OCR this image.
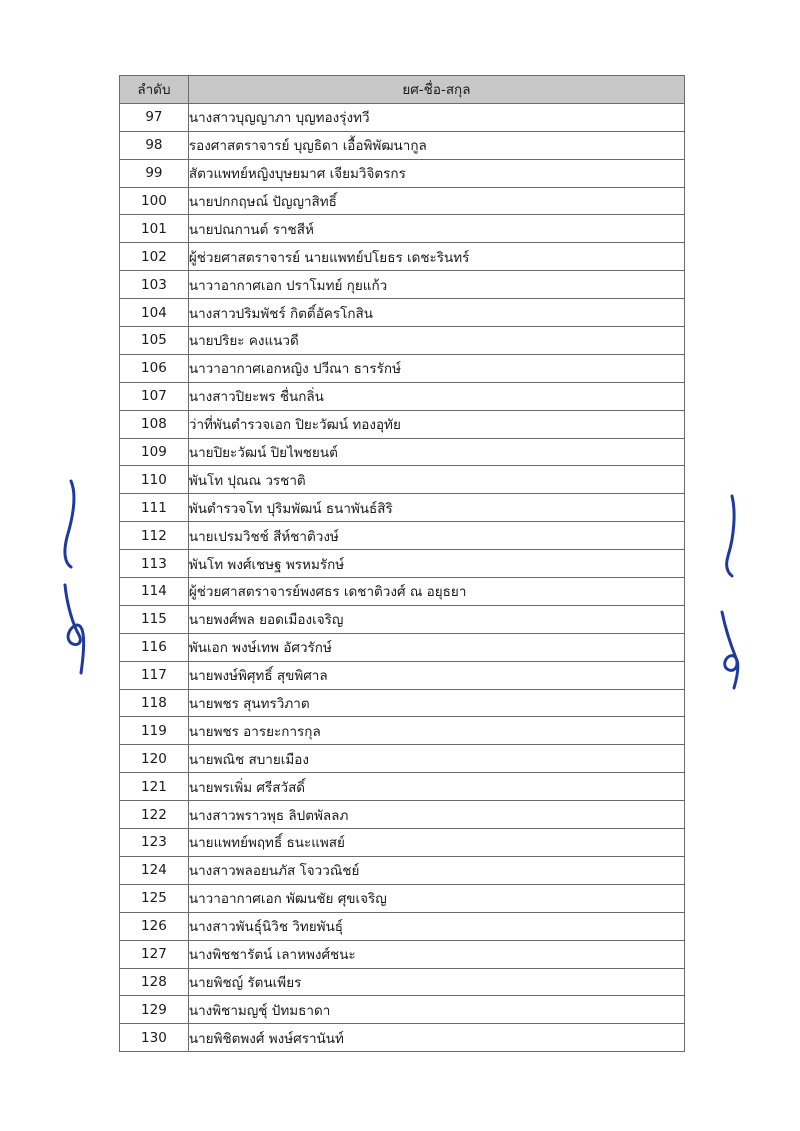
ลำดับ	ยศ-ชื่อ-สกุล
97	นางสาวบุญญาภา บุญทองรุ่งทวี
98	รองศาสตราจารย์ บุญธิดา เอื้อพิพัฒนากูล
99	สัตวแพทย์หญิงบุษยมาศ เจียมวิจิตรกร
100	นายปกกฤษณ์ ปัญญาสิทธิ์
101	นายปณกานต์ ราชสีห์
102	ผู้ช่วยศาสตราจารย์ นายแพทย์ปโยธร เดชะรินทร์
103	นาวาอากาศเอก ปราโมทย์ กุยแก้ว
104	นางสาวปริมพัชร์ กิตติ์อัครโกสิน
105	นายปริยะ คงแนวดี
106	นาวาอากาศเอกหญิง ปวีณา ธารรักษ์
107	นางสาวปิยะพร ชื่นกลิ่น
108	ว่าที่พันตำรวจเอก ปิยะวัฒน์ ทองอุทัย
109	นายปิยะวัฒน์ ปิยไพชยนต์
110	พันโท ปุณณ วรชาติ
111	พันตำรวจโท ปุริมพัฒน์ ธนาพันธ์สิริ
112	นายเปรมวิชช์ สีห์ชาติวงษ์
113	พันโท พงศ์เชษฐ พรหมรักษ์
114	ผู้ช่วยศาสตราจารย์พงศธร เดชาติวงศ์ ณ อยุธยา
115	นายพงศ์พล ยอดเมืองเจริญ
116	พันเอก พงษ์เทพ อัศวรักษ์
117	นายพงษ์พิศุทธิ์ สุขพิศาล
118	นายพชร สุนทรวิภาต
119	นายพชร อารยะการกุล
120	นายพณิช สบายเมือง
121	นายพรเพิ่ม ศรีสวัสดิ์
122	นางสาวพราวพุธ ลิปตพัลลภ
123	นายแพทย์พฤทธิ์ ธนะแพสย์
124	นางสาวพลอยนภัส โจววณิชย์
125	นาวาอากาศเอก พัฒนชัย ศุขเจริญ
126	นางสาวพันธุ์นิวิช วิทยพันธุ์
127	นางพิชชารัตน์ เลาหพงศ์ชนะ
128	นายพิชญ์ รัตนเพียร
129	นางพิชามญชุ์ ปัทมธาดา
130	นายพิชิตพงศ์ พงษ์ศรานันท์
